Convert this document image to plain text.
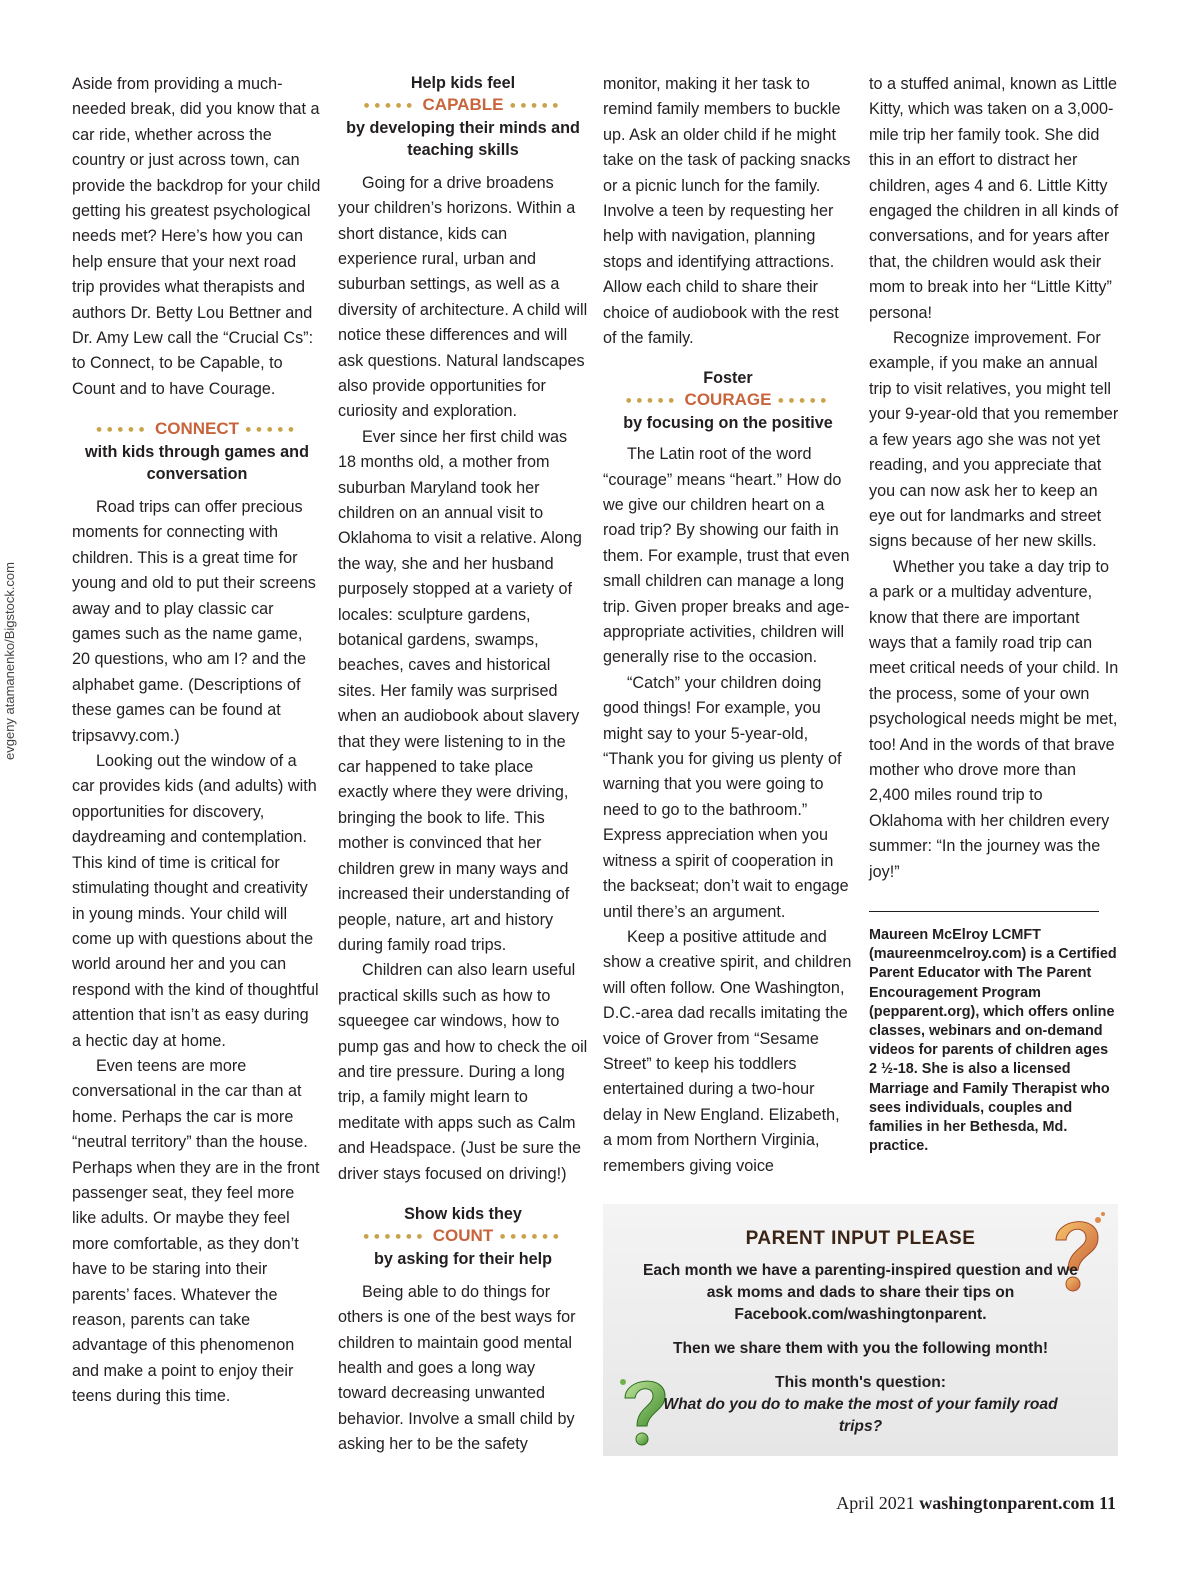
evgeny atamanenko/Bigstock.com

Aside from providing a much-needed break, did you know that a car ride, whether across the country or just across town, can provide the backdrop for your child getting his greatest psychological needs met? Here’s how you can help ensure that your next road trip provides what therapists and authors Dr. Betty Lou Bettner and Dr. Amy Lew call the “Crucial Cs”: to Connect, to be Capable, to Count and to have Courage.

●●●●● CONNECT ●●●●●
with kids through games and conversation

Road trips can offer precious moments for connecting with children. This is a great time for young and old to put their screens away and to play classic car games such as the name game, 20 questions, who am I? and the alphabet game. (Descriptions of these games can be found at tripsavvy.com.)

Looking out the window of a car provides kids (and adults) with opportunities for discovery, daydreaming and contemplation. This kind of time is critical for stimulating thought and creativity in young minds. Your child will come up with questions about the world around her and you can respond with the kind of thoughtful attention that isn’t as easy during a hectic day at home.

Even teens are more conversational in the car than at home. Perhaps the car is more “neutral territory” than the house. Perhaps when they are in the front passenger seat, they feel more like adults. Or maybe they feel more comfortable, as they don’t have to be staring into their parents’ faces. Whatever the reason, parents can take advantage of this phenomenon and make a point to enjoy their teens during this time.

Help kids feel
●●●●● CAPABLE ●●●●●
by developing their minds and teaching skills

Going for a drive broadens your children’s horizons. Within a short distance, kids can experience rural, urban and suburban settings, as well as a diversity of architecture. A child will notice these differences and will ask questions. Natural landscapes also provide opportunities for curiosity and exploration.

Ever since her first child was 18 months old, a mother from suburban Maryland took her children on an annual visit to Oklahoma to visit a relative. Along the way, she and her husband purposely stopped at a variety of locales: sculpture gardens, botanical gardens, swamps, beaches, caves and historical sites. Her family was surprised when an audiobook about slavery that they were listening to in the car happened to take place exactly where they were driving, bringing the book to life. This mother is convinced that her children grew in many ways and increased their understanding of people, nature, art and history during family road trips.

Children can also learn useful practical skills such as how to squeegee car windows, how to pump gas and how to check the oil and tire pressure. During a long trip, a family might learn to meditate with apps such as Calm and Headspace. (Just be sure the driver stays focused on driving!)

Show kids they
●●●●●● COUNT ●●●●●●
by asking for their help

Being able to do things for others is one of the best ways for children to maintain good mental health and goes a long way toward decreasing unwanted behavior. Involve a small child by asking her to be the safety

monitor, making it her task to remind family members to buckle up. Ask an older child if he might take on the task of packing snacks or a picnic lunch for the family. Involve a teen by requesting her help with navigation, planning stops and identifying attractions. Allow each child to share their choice of audiobook with the rest of the family.

Foster
●●●●● COURAGE ●●●●●
by focusing on the positive

The Latin root of the word “courage” means “heart.” How do we give our children heart on a road trip? By showing our faith in them. For example, trust that even small children can manage a long trip. Given proper breaks and age-appropriate activities, children will generally rise to the occasion.

“Catch” your children doing good things! For example, you might say to your 5-year-old, “Thank you for giving us plenty of warning that you were going to need to go to the bathroom.” Express appreciation when you witness a spirit of cooperation in the backseat; don’t wait to engage until there’s an argument.

Keep a positive attitude and show a creative spirit, and children will often follow. One Washington, D.C.-area dad recalls imitating the voice of Grover from “Sesame Street” to keep his toddlers entertained during a two-hour delay in New England. Elizabeth, a mom from Northern Virginia, remembers giving voice

to a stuffed animal, known as Little Kitty, which was taken on a 3,000-mile trip her family took. She did this in an effort to distract her children, ages 4 and 6. Little Kitty engaged the children in all kinds of conversations, and for years after that, the children would ask their mom to break into her “Little Kitty” persona!

Recognize improvement. For example, if you make an annual trip to visit relatives, you might tell your 9-year-old that you remember a few years ago she was not yet reading, and you appreciate that you can now ask her to keep an eye out for landmarks and street signs because of her new skills.

Whether you take a day trip to a park or a multiday adventure, know that there are important ways that a family road trip can meet critical needs of your child. In the process, some of your own psychological needs might be met, too! And in the words of that brave mother who drove more than 2,400 miles round trip to Oklahoma with her children every summer: “In the journey was the joy!”

Maureen McElroy LCMFT (maureenmcelroy.com) is a Certified Parent Educator with The Parent Encouragement Program (pepparent.org), which offers online classes, webinars and on-demand videos for parents of children ages 2 ½-18. She is also a licensed Marriage and Family Therapist who sees individuals, couples and families in her Bethesda, Md. practice.

PARENT INPUT PLEASE

Each month we have a parenting-inspired question and we ask moms and dads to share their tips on Facebook.com/washingtonparent.

Then we share them with you the following month!

This month's question:

What do you do to make the most of your family road trips?

April 2021 washingtonparent.com 11
